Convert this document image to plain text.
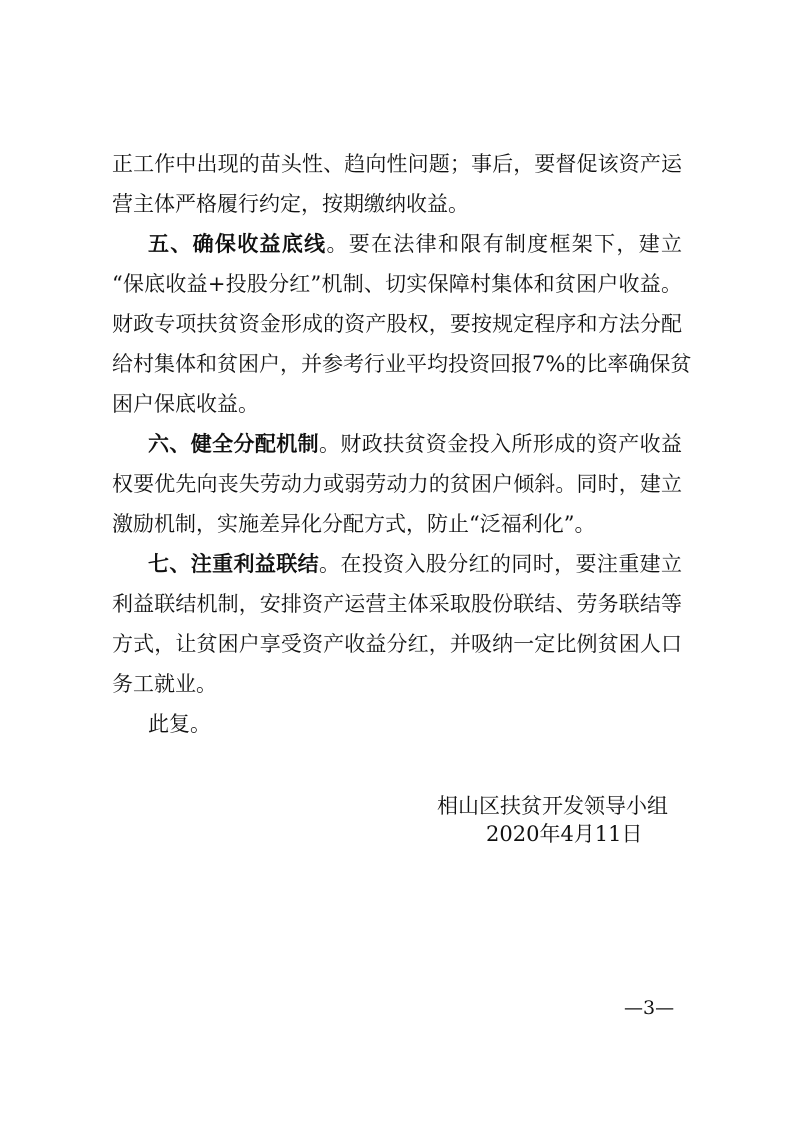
正工作中出现的苗头性、趋向性问题；事后，要督促该资产运
营主体严格履行约定，按期缴纳收益。
五、确保收益底线。要在法律和限有制度框架下，建立
“保底收益+投股分红”机制、切实保障村集体和贫困户收益。
财政专项扶贫资金形成的资产股权，要按规定程序和方法分配
给村集体和贫困户，并参考行业平均投资回报7%的比率确保贫
困户保底收益。
六、健全分配机制。财政扶贫资金投入所形成的资产收益
权要优先向丧失劳动力或弱劳动力的贫困户倾斜。同时，建立
激励机制，实施差异化分配方式，防止“泛福利化”。
七、注重利益联结。在投资入股分红的同时，要注重建立
利益联结机制，安排资产运营主体采取股份联结、劳务联结等
方式，让贫困户享受资产收益分红，并吸纳一定比例贫困人口
务工就业。
此复。
相山区扶贫开发领导小组
2020年4月11日
—3—
